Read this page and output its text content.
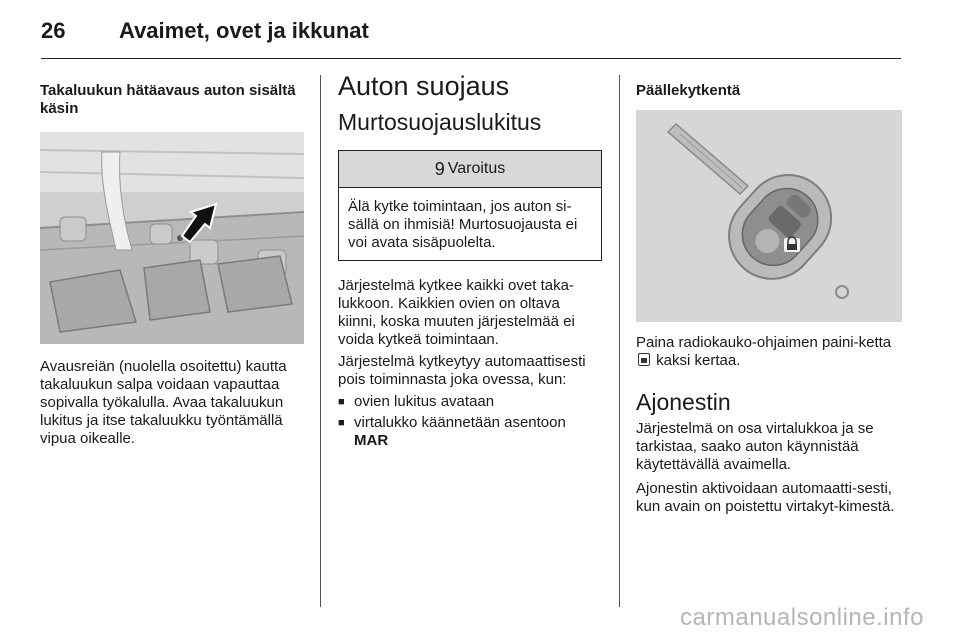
26 Avaimet, ovet ja ikkunat
Takaluukun hätäavaus auton sisältä käsin

Avausreiän (nuolella osoitettu) kautta takaluukun salpa voidaan vapauttaa sopivalla työkalulla. Avaa takaluukun lukitus ja itse takaluukku työntämällä vipua oikealle.

Auton suojaus
Murtosuojauslukitus
9 Varoitus
Älä kytke toimintaan, jos auton si-sällä on ihmisiä! Murtosuojausta ei voi avata sisäpuolelta.

Järjestelmä kytkee kaikki ovet taka-lukkoon. Kaikkien ovien on oltava kiinni, koska muuten järjestelmää ei voida kytkeä toimintaan.

Järjestelmä kytkeytyy automaattisesti pois toiminnasta joka ovessa, kun:

■ ovien lukitus avataan
■ virtalukko käännetään asentoon
MAR
Päällekytkentä

Paina radiokauko-ohjaimen paini-ketta
kaksi kertaa.

Ajonestin

Järjestelmä on osa virtalukkoa ja se tarkistaa, saako auton käynnistää käytettävällä avaimella.

Ajonestin aktivoidaan automaatti-sesti, kun avain on poistettu virtakyt-kimestä.

carmanualsonline.info
